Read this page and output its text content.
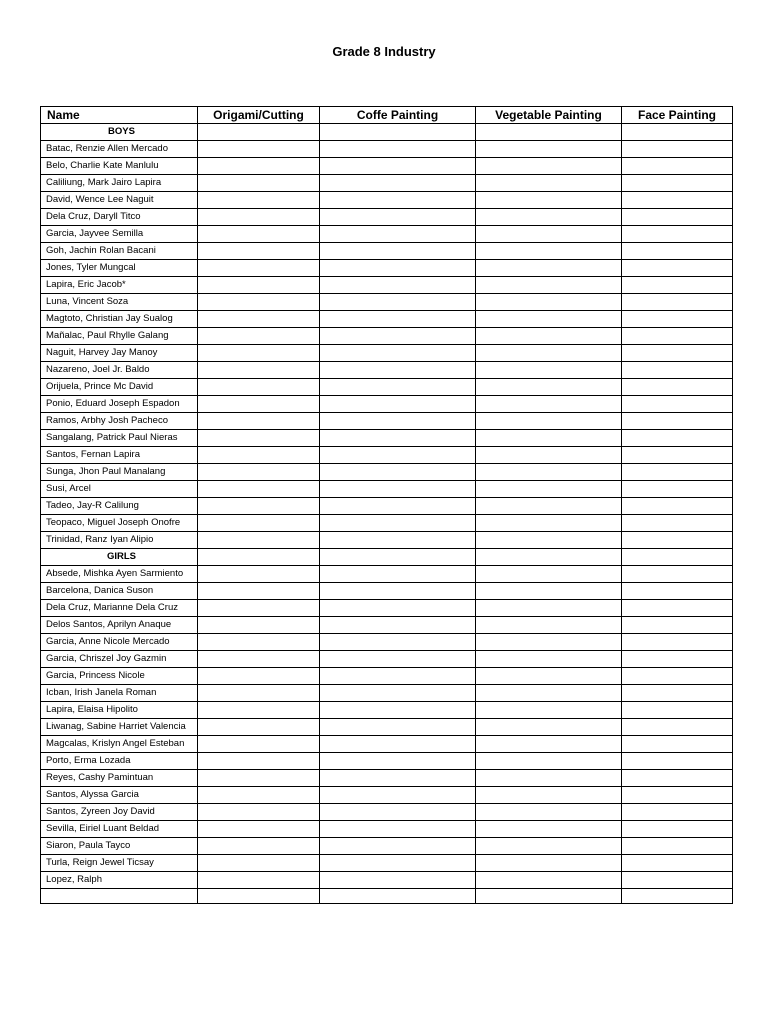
Grade 8 Industry
Name	Origami/Cutting	Coffe Painting	Vegetable Painting	Face Painting
BOYS				
Batac, Renzie Allen Mercado				
Belo, Charlie Kate Manlulu				
Caliliung, Mark Jairo Lapira				
David, Wence Lee Naguit				
Dela Cruz, Daryll Titco				
Garcia, Jayvee Semilla				
Goh, Jachin Rolan Bacani				
Jones, Tyler Mungcal				
Lapira, Eric Jacob*				
Luna, Vincent Soza				
Magtoto, Christian Jay Sualog				
Mañalac, Paul Rhylle Galang				
Naguit, Harvey Jay Manoy				
Nazareno, Joel Jr. Baldo				
Orijuela, Prince Mc David				
Ponio, Eduard Joseph Espadon				
Ramos, Arbhy Josh Pacheco				
Sangalang, Patrick Paul Nieras				
Santos, Fernan Lapira				
Sunga, Jhon Paul Manalang				
Susi, Arcel				
Tadeo, Jay-R Calilung				
Teopaco, Miguel Joseph Onofre				
Trinidad, Ranz Iyan Alipio				
GIRLS				
Absede, Mishka Ayen Sarmiento				
Barcelona, Danica Suson				
Dela Cruz, Marianne Dela Cruz				
Delos Santos, Aprilyn Anaque				
Garcia, Anne Nicole Mercado				
Garcia, Chriszel Joy Gazmin				
Garcia, Princess Nicole				
Icban, Irish Janela Roman				
Lapira, Elaisa Hipolito				
Liwanag, Sabine Harriet Valencia				
Magcalas, Krislyn Angel Esteban				
Porto, Erma Lozada				
Reyes, Cashy Pamintuan				
Santos, Alyssa Garcia				
Santos, Zyreen Joy David				
Sevilla, Eiriel Luant Beldad				
Siaron, Paula Tayco				
Turla, Reign Jewel Ticsay				
Lopez, Ralph				
